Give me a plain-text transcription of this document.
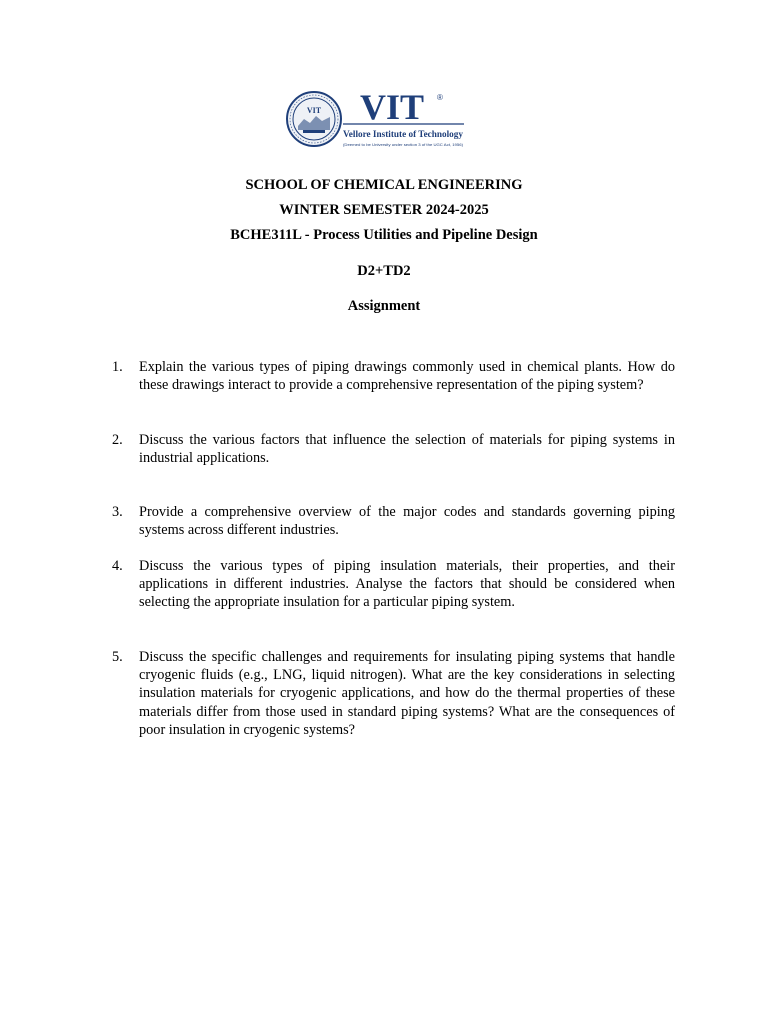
VIT VIT ®
Vellore Institute of Technology
(Deemed to be University under section 3 of the UGC Act, 1956)
SCHOOL OF CHEMICAL ENGINEERING
WINTER SEMESTER 2024-2025
BCHE311L - Process Utilities and Pipeline Design
D2+TD2
Assignment
1.	Explain the various types of piping drawings commonly used in chemical plants. How do these drawings interact to provide a comprehensive representation of the piping system?
2.	Discuss the various factors that influence the selection of materials for piping systems in industrial applications.
3.	Provide a comprehensive overview of the major codes and standards governing piping systems across different industries.
4.	Discuss the various types of piping insulation materials, their properties, and their applications in different industries. Analyse the factors that should be considered when selecting the appropriate insulation for a particular piping system.
5.	Discuss the specific challenges and requirements for insulating piping systems that handle cryogenic fluids (e.g., LNG, liquid nitrogen). What are the key considerations in selecting insulation materials for cryogenic applications, and how do the thermal properties of these materials differ from those used in standard piping systems? What are the consequences of poor insulation in cryogenic systems?
